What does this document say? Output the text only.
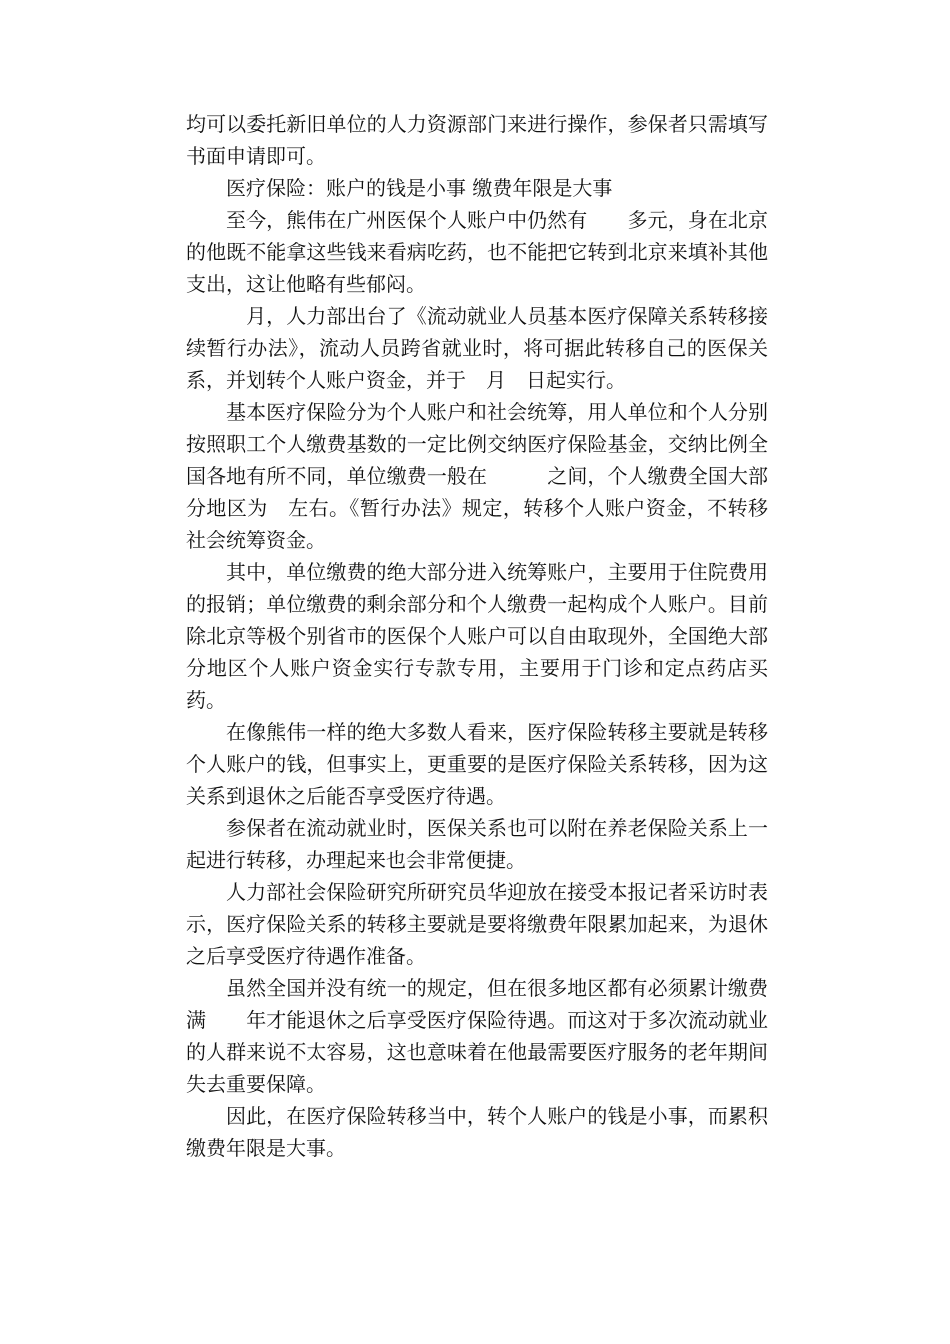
均可以委托新旧单位的人力资源部门来进行操作，参保者只需填写书面申请即可。

医疗保险：账户的钱是小事 缴费年限是大事

至今，熊伟在广州医保个人账户中仍然有　　多元，身在北京的他既不能拿这些钱来看病吃药，也不能把它转到北京来填补其他支出，这让他略有些郁闷。

　月，人力部出台了《流动就业人员基本医疗保障关系转移接续暂行办法》，流动人员跨省就业时，将可据此转移自己的医保关系，并划转个人账户资金，并于　月　日起实行。

基本医疗保险分为个人账户和社会统筹，用人单位和个人分别按照职工个人缴费基数的一定比例交纳医疗保险基金，交纳比例全国各地有所不同，单位缴费一般在　　　之间，个人缴费全国大部分地区为　左右。《暂行办法》规定，转移个人账户资金，不转移社会统筹资金。

其中，单位缴费的绝大部分进入统筹账户，主要用于住院费用的报销；单位缴费的剩余部分和个人缴费一起构成个人账户。目前除北京等极个别省市的医保个人账户可以自由取现外，全国绝大部分地区个人账户资金实行专款专用，主要用于门诊和定点药店买药。

在像熊伟一样的绝大多数人看来，医疗保险转移主要就是转移个人账户的钱，但事实上，更重要的是医疗保险关系转移，因为这关系到退休之后能否享受医疗待遇。

参保者在流动就业时，医保关系也可以附在养老保险关系上一起进行转移，办理起来也会非常便捷。

人力部社会保险研究所研究员华迎放在接受本报记者采访时表示，医疗保险关系的转移主要就是要将缴费年限累加起来，为退休之后享受医疗待遇作准备。

虽然全国并没有统一的规定，但在很多地区都有必须累计缴费满　　年才能退休之后享受医疗保险待遇。而这对于多次流动就业的人群来说不太容易，这也意味着在他最需要医疗服务的老年期间失去重要保障。

因此，在医疗保险转移当中，转个人账户的钱是小事，而累积缴费年限是大事。
